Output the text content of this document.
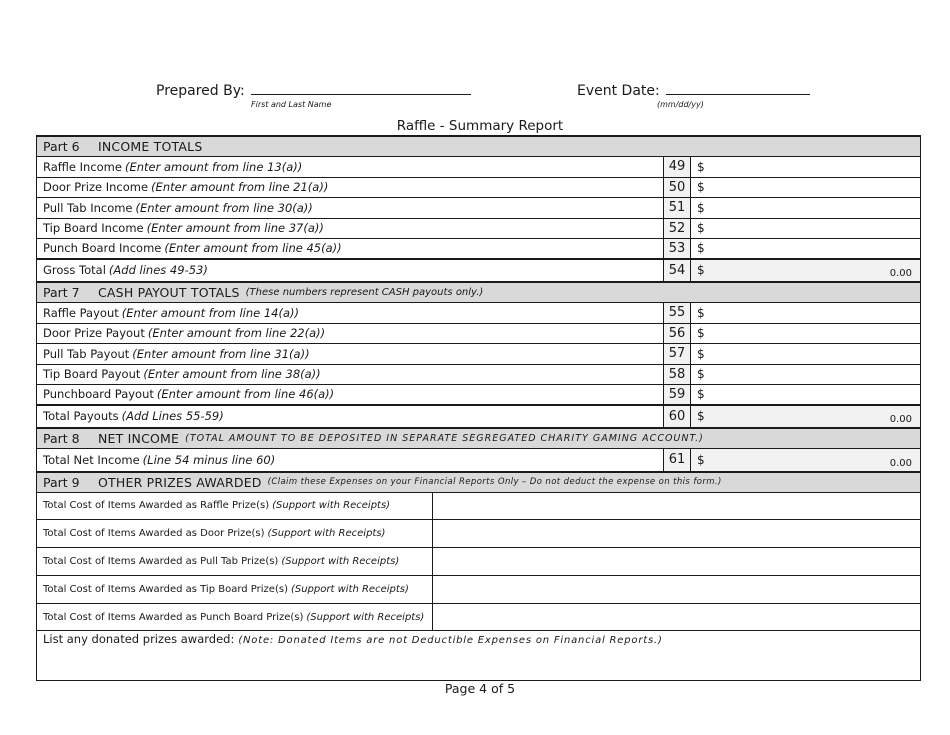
Prepared By:
First and Last Name
Event Date:
(mm/dd/yy)
Raffle - Summary Report
Part 6	INCOME TOTALS
Raffle Income (Enter amount from line 13(a))	49 $
Door Prize Income (Enter amount from line 21(a))	50 $
Pull Tab Income (Enter amount from line 30(a))	51 $
Tip Board Income (Enter amount from line 37(a))	52 $
Punch Board Income (Enter amount from line 45(a))	53 $
Gross Total (Add lines 49-53)	54 $	0.00
Part 7	CASH PAYOUT TOTALS (These numbers represent CASH payouts only.)
Raffle Payout (Enter amount from line 14(a))	55 $
Door Prize Payout (Enter amount from line 22(a))	56 $
Pull Tab Payout (Enter amount from line 31(a))	57 $
Tip Board Payout (Enter amount from line 38(a))	58 $
Punchboard Payout (Enter amount from line 46(a))	59 $
Total Payouts (Add Lines 55-59)	60 $	0.00
Part 8	NET INCOME (TOTAL AMOUNT TO BE DEPOSITED IN SEPARATE SEGREGATED CHARITY GAMING ACCOUNT.)
Total Net Income (Line 54 minus line 60)	61 $	0.00
Part 9	OTHER PRIZES AWARDED (Claim these Expenses on your Financial Reports Only – Do not deduct the expense on this form.)
Total Cost of Items Awarded as Raffle Prize(s) (Support with Receipts)
Total Cost of Items Awarded as Door Prize(s) (Support with Receipts)
Total Cost of Items Awarded as Pull Tab Prize(s) (Support with Receipts)
Total Cost of Items Awarded as Tip Board Prize(s) (Support with Receipts)
Total Cost of Items Awarded as Punch Board Prize(s) (Support with Receipts)
List any donated prizes awarded: (Note: Donated Items are not Deductible Expenses on Financial Reports.)
Page 4 of 5
